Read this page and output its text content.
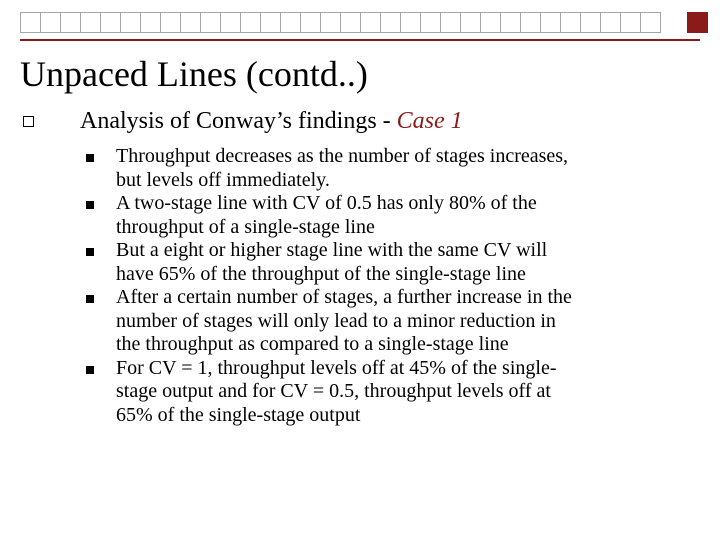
Unpaced Lines (contd..)
Analysis of Conway’s findings - Case 1

Throughput decreases as the number of stages increases,
but levels off immediately.

A two-stage line with CV of 0.5 has only 80% of the
throughput of a single-stage line

But a eight or higher stage line with the same CV will
have 65% of the throughput of the single-stage line

After a certain number of stages, a further increase in the
number of stages will only lead to a minor reduction in
the throughput as compared to a single-stage line

For CV = 1, throughput levels off at 45% of the single-
stage output and for CV = 0.5, throughput levels off at
65% of the single-stage output
